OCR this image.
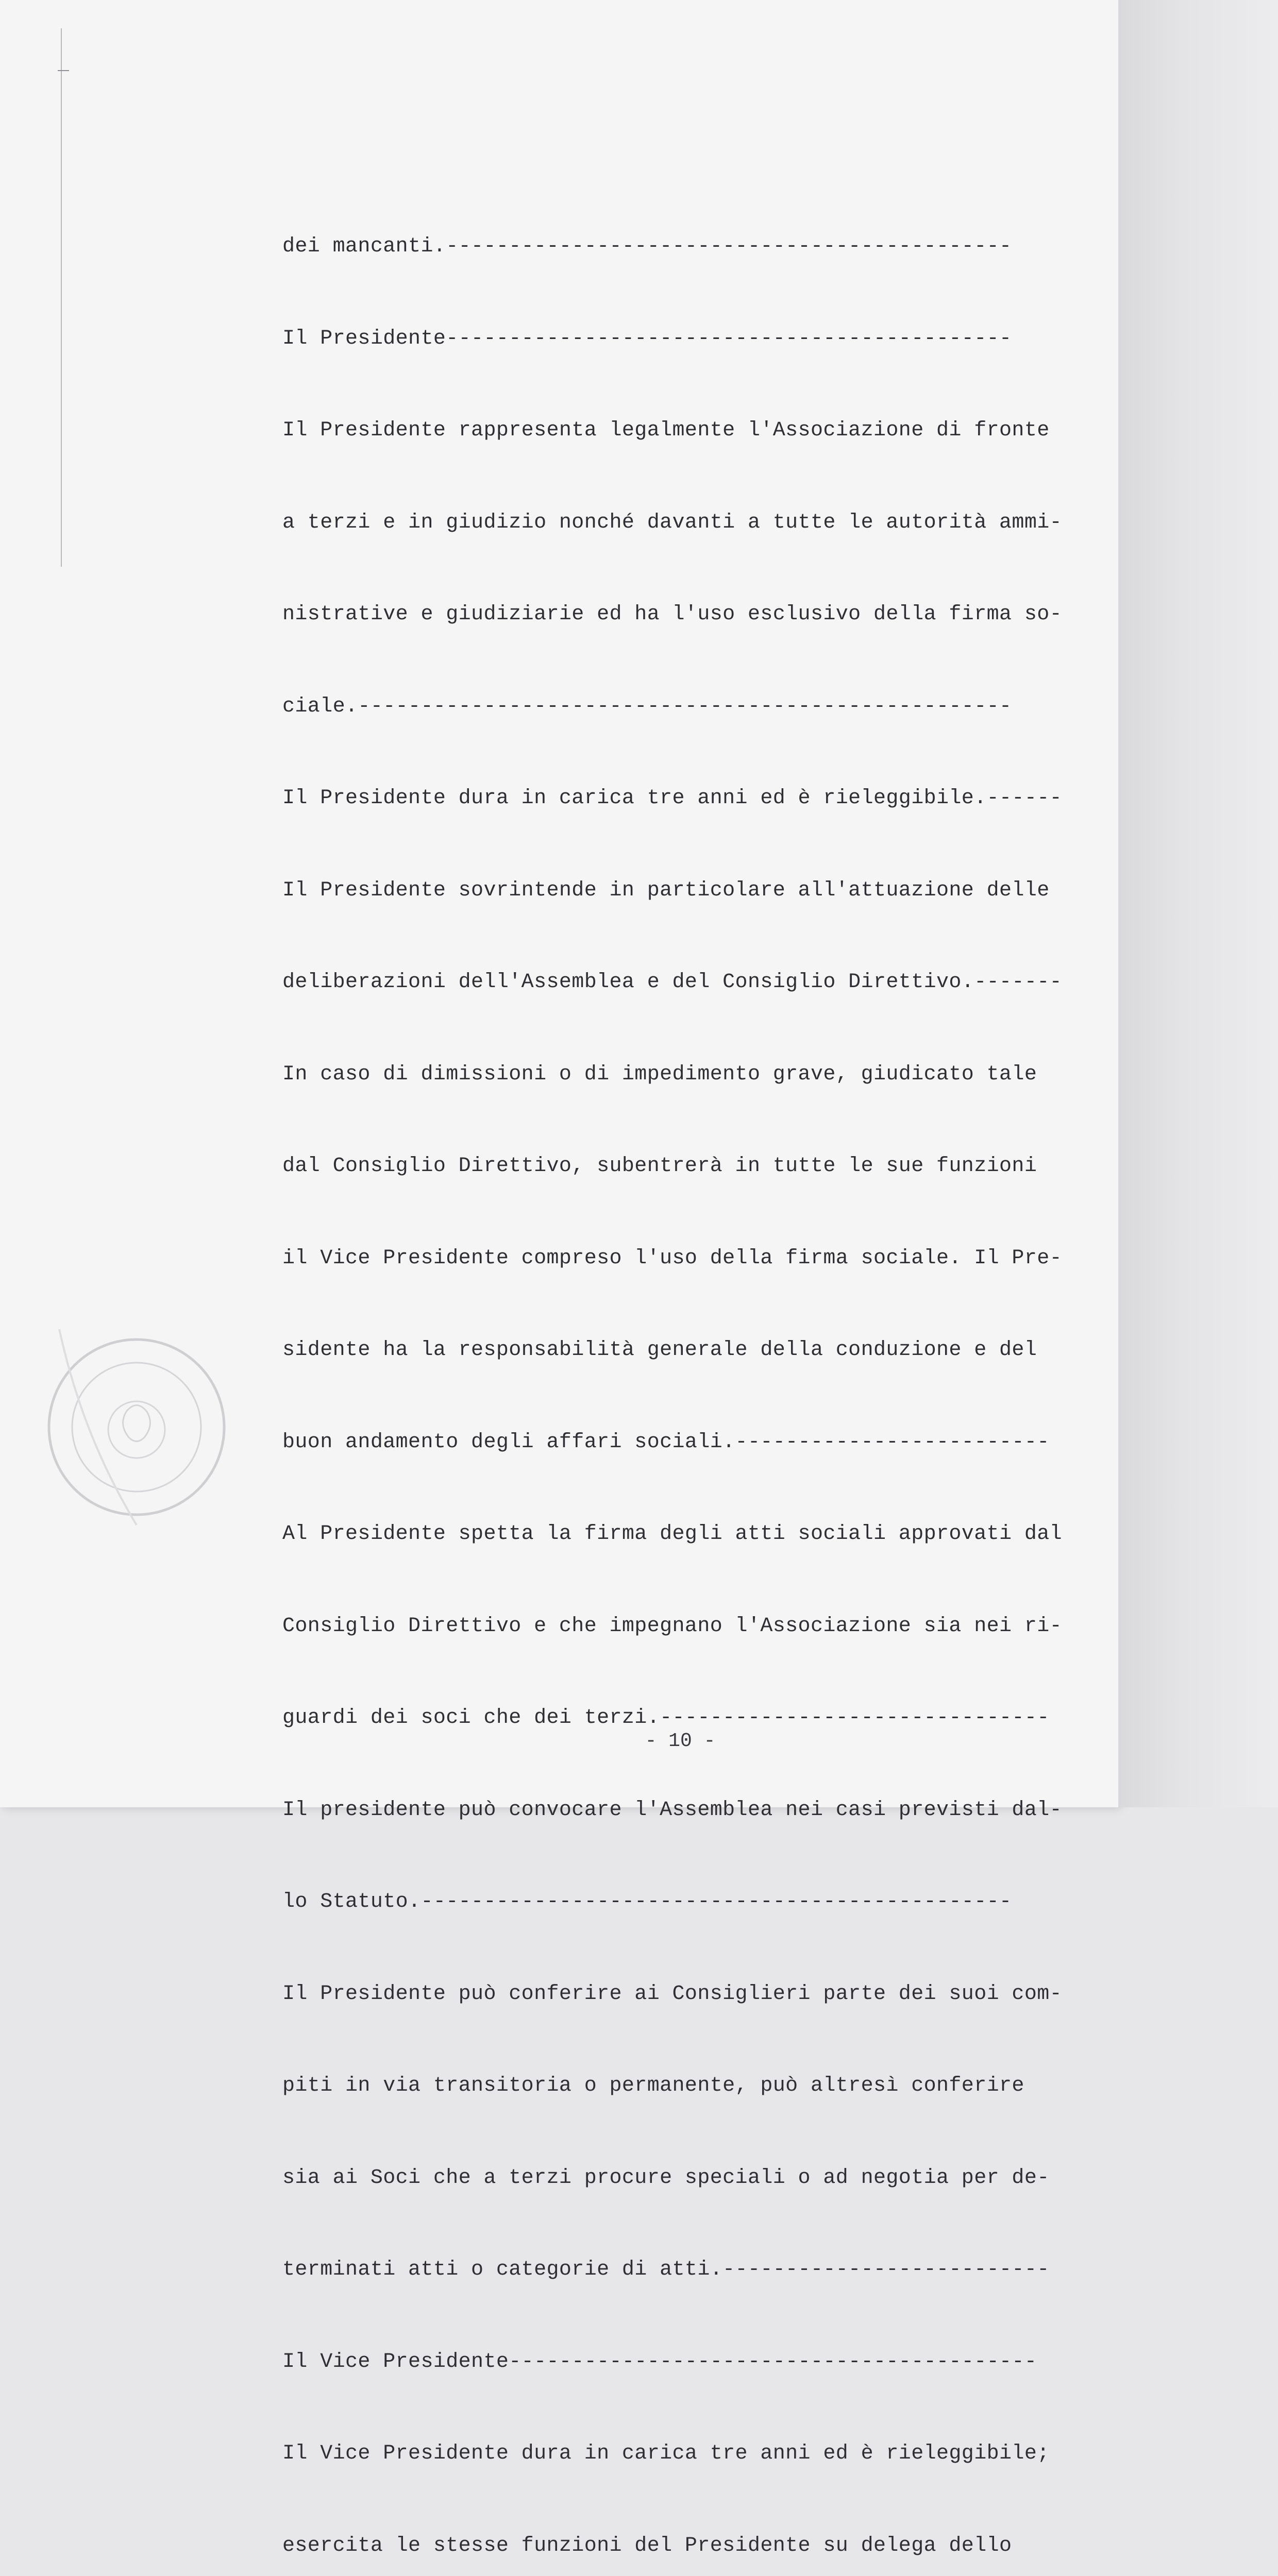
dei mancanti.---------------------------------------------

Il Presidente---------------------------------------------

Il Presidente rappresenta legalmente l'Associazione di fronte

a terzi e in giudizio nonché davanti a tutte le autorità ammi-

nistrative e giudiziarie ed ha l'uso esclusivo della firma so-

ciale.----------------------------------------------------

Il Presidente dura in carica tre anni ed è rieleggibile.------

Il Presidente sovrintende in particolare all'attuazione delle

deliberazioni dell'Assemblea e del Consiglio Direttivo.-------

In caso di dimissioni o di impedimento grave, giudicato tale

dal Consiglio Direttivo, subentrerà in tutte le sue funzioni

il Vice Presidente compreso l'uso della firma sociale. Il Pre-

sidente ha la responsabilità generale della conduzione e del

buon andamento degli affari sociali.-------------------------

Al Presidente spetta la firma degli atti sociali approvati dal

Consiglio Direttivo e che impegnano l'Associazione sia nei ri-

guardi dei soci che dei terzi.-------------------------------

Il presidente può convocare l'Assemblea nei casi previsti dal-

lo Statuto.-----------------------------------------------

Il Presidente può conferire ai Consiglieri parte dei suoi com-

piti in via transitoria o permanente, può altresì conferire

sia ai Soci che a terzi procure speciali o ad negotia per de-

terminati atti o categorie di atti.--------------------------

Il Vice Presidente------------------------------------------

Il Vice Presidente dura in carica tre anni ed è rieleggibile;

esercita le stesse funzioni del Presidente su delega dello

- 10 -
